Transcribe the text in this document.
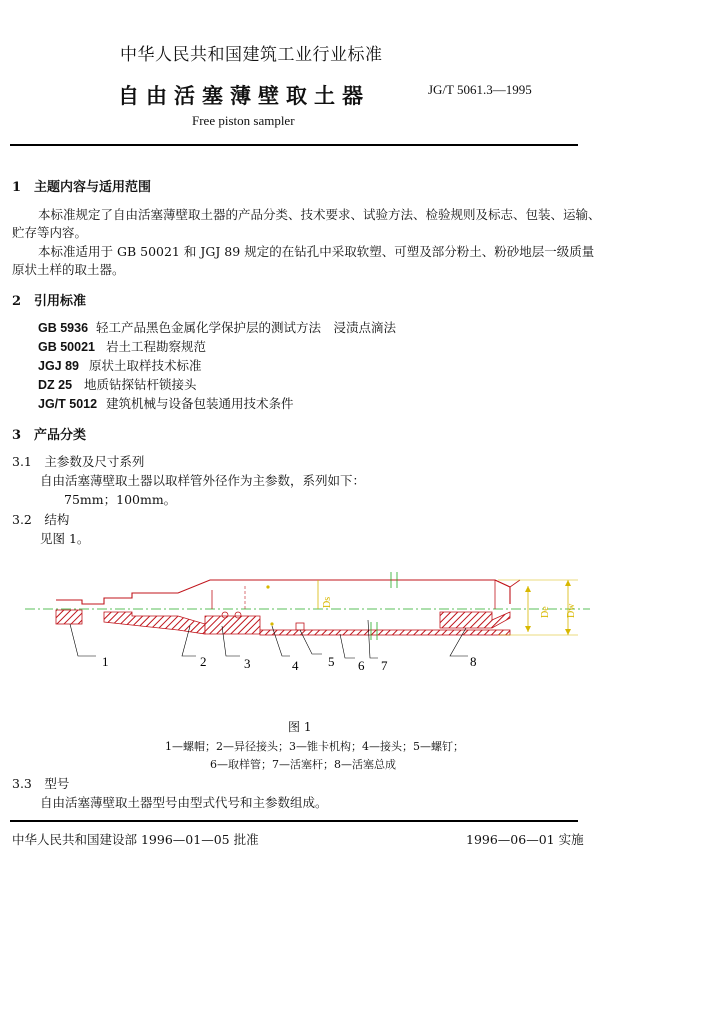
中华人民共和国建筑工业行业标准
自由活塞薄壁取土器	JG/T 5061.3—1995
Free piston sampler
1　主题内容与适用范围
本标准规定了自由活塞薄壁取土器的产品分类、技术要求、试验方法、检验规则及标志、包装、运输、
贮存等内容。
本标准适用于 GB 50021 和 JGJ 89 规定的在钻孔中采取软塑、可塑及部分粉土、粉砂地层一级质量
原状土样的取土器。
2　引用标准
GB 5936 轻工产品黑色金属化学保护层的测试方法　浸渍点滴法
GB 50021 岩土工程勘察规范
JGJ 89 原状土取样技术标准
DZ 25 地质钻探钻杆锁接头
JG/T 5012 建筑机械与设备包装通用技术条件
3　产品分类
3.1　主参数及尺寸系列
自由活塞薄壁取土器以取样管外径作为主参数，系列如下：
75mm；100mm。
3.2　结构
见图 1。
Ds
De Dw
1	2	3	4 5 6 7	8
图 1
1—螺帽；2—异径接头；3—锥卡机构；4—接头；5—螺钉；
6—取样管；7—活塞杆；8—活塞总成
3.3　型号
自由活塞薄壁取土器型号由型式代号和主参数组成。
中华人民共和国建设部 1996—01—05 批准	1996—06—01 实施
